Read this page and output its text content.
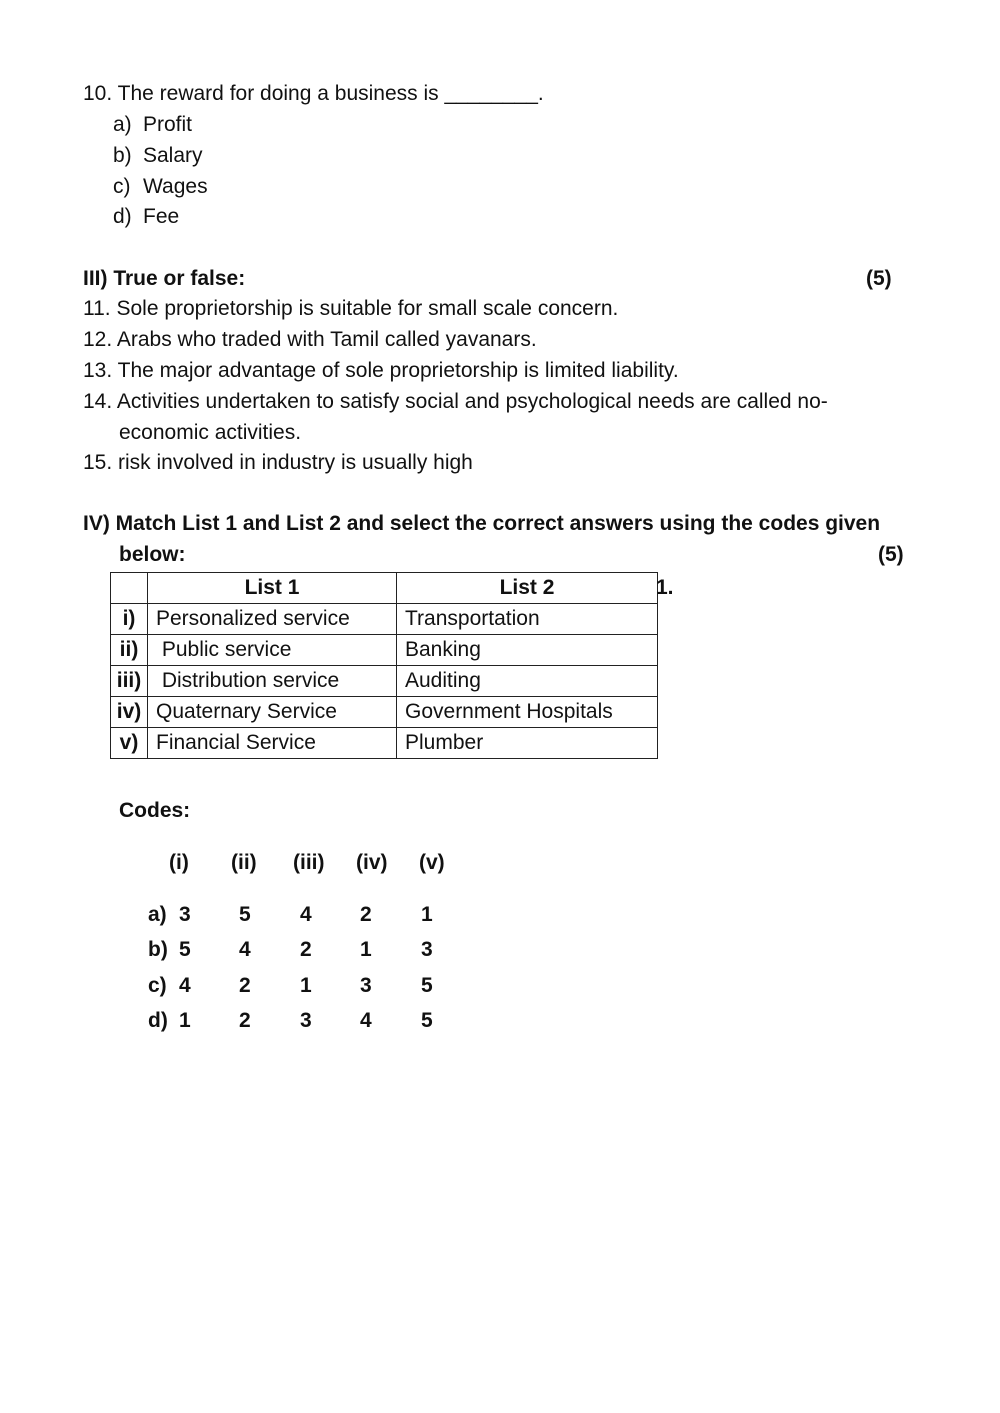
10. The reward for doing a business is ________.
a) Profit
b) Salary
c) Wages
d) Fee
III) True or false:	(5)
11. Sole proprietorship is suitable for small scale concern.
12. Arabs who traded with Tamil called yavanars.
13. The major advantage of sole proprietorship is limited liability.
14. Activities undertaken to satisfy social and psychological needs are called no-
economic activities.
15. risk involved in industry is usually high
IV) Match List 1 and List 2 and select the correct answers using the codes given
below:	(5)
	List 1	List 2
i)	Personalized service	Transportation
ii)	Public service	Banking
iii)	Distribution service	Auditing
iv)	Quaternary Service	Government Hospitals
v)	Financial Service	Plumber
1.
Codes:
(i) (ii) (iii) (iv) (v)
a) 3 5 4 2 1
b) 5 4 2 1 3
c) 4 2 1 3 5
d) 1 2 3 4 5
